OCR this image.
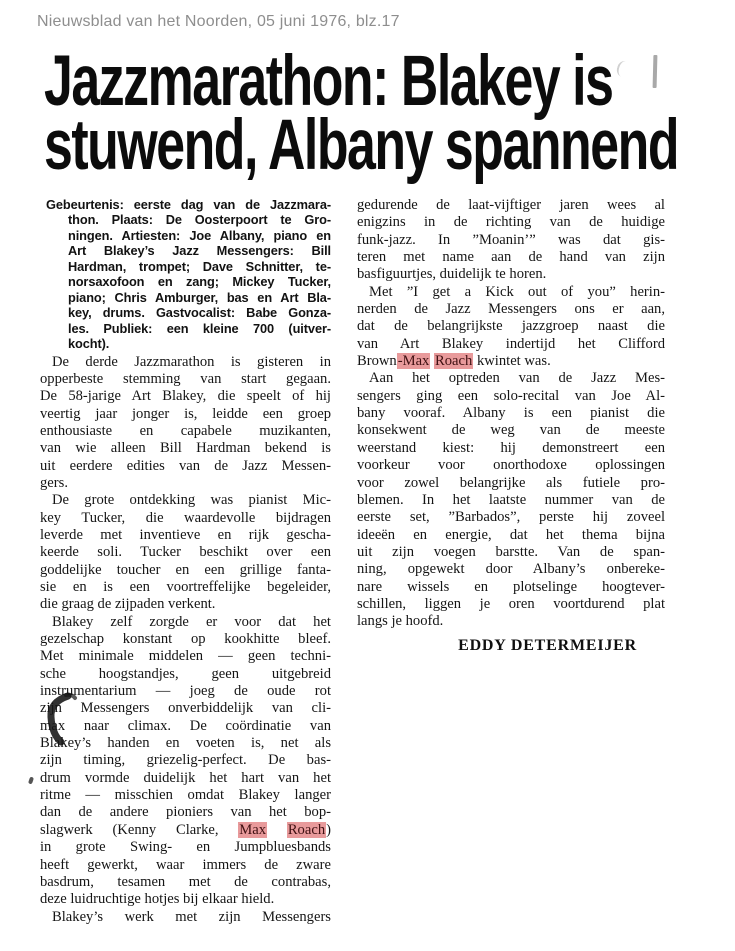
Nieuwsblad van het Noorden, 05 juni 1976, blz.17
Jazzmarathon: Blakey is
stuwend, Albany spannend
Gebeurtenis: eerste dag van de Jazzmara-
thon. Plaats: De Oosterpoort te Gro-
ningen. Artiesten: Joe Albany, piano en
Art Blakey’s Jazz Messengers: Bill
Hardman, trompet; Dave Schnitter, te-
norsaxofoon en zang; Mickey Tucker,
piano; Chris Amburger, bas en Art Bla-
key, drums. Gastvocalist: Babe Gonza-
les. Publiek: een kleine 700 (uitver-
kocht).
De derde Jazzmarathon is gisteren in
opperbeste stemming van start gegaan.
De 58-jarige Art Blakey, die speelt of hij
veertig jaar jonger is, leidde een groep
enthousiaste en capabele muzikanten,
van wie alleen Bill Hardman bekend is
uit eerdere edities van de Jazz Messen-
gers.
De grote ontdekking was pianist Mic-
key Tucker, die waardevolle bijdragen
leverde met inventieve en rijk gescha-
keerde soli. Tucker beschikt over een
goddelijke toucher en een grillige fanta-
sie en is een voortreffelijke begeleider,
die graag de zijpaden verkent.
Blakey zelf zorgde er voor dat het
gezelschap konstant op kookhitte bleef.
Met minimale middelen — geen techni-
sche hoogstandjes, geen uitgebreid
instrumentarium — joeg de oude rot
zijn Messengers onverbiddelijk van cli-
max naar climax. De coördinatie van
Blakey’s handen en voeten is, net als
zijn timing, griezelig-perfect. De bas-
drum vormde duidelijk het hart van het
ritme — misschien omdat Blakey langer
dan de andere pioniers van het bop-
slagwerk (Kenny Clarke, Max Roach)
in grote Swing- en Jumpbluesbands
heeft gewerkt, waar immers de zware
basdrum, tesamen met de contrabas,
deze luidruchtige hotjes bij elkaar hield.
Blakey’s werk met zijn Messengers
gedurende de laat-vijftiger jaren wees al
enigzins in de richting van de huidige
funk-jazz. In ”Moanin’” was dat gis-
teren met name aan de hand van zijn
basfiguurtjes, duidelijk te horen.
Met ”I get a Kick out of you” herin-
nerden de Jazz Messengers ons er aan,
dat de belangrijkste jazzgroep naast die
van Art Blakey indertijd het Clifford
Brown-Max Roach kwintet was.
Aan het optreden van de Jazz Mes-
sengers ging een solo-recital van Joe Al-
bany vooraf. Albany is een pianist die
konsekwent de weg van de meeste
weerstand kiest: hij demonstreert een
voorkeur voor onorthodoxe oplossingen
voor zowel belangrijke als futiele pro-
blemen. In het laatste nummer van de
eerste set, ”Barbados”, perste hij zoveel
ideeën en energie, dat het thema bijna
uit zijn voegen barstte. Van de span-
ning, opgewekt door Albany’s onbereke-
nare wissels en plotselinge hoogtever-
schillen, liggen je oren voortdurend plat
langs je hoofd.
EDDY DETERMEIJER
